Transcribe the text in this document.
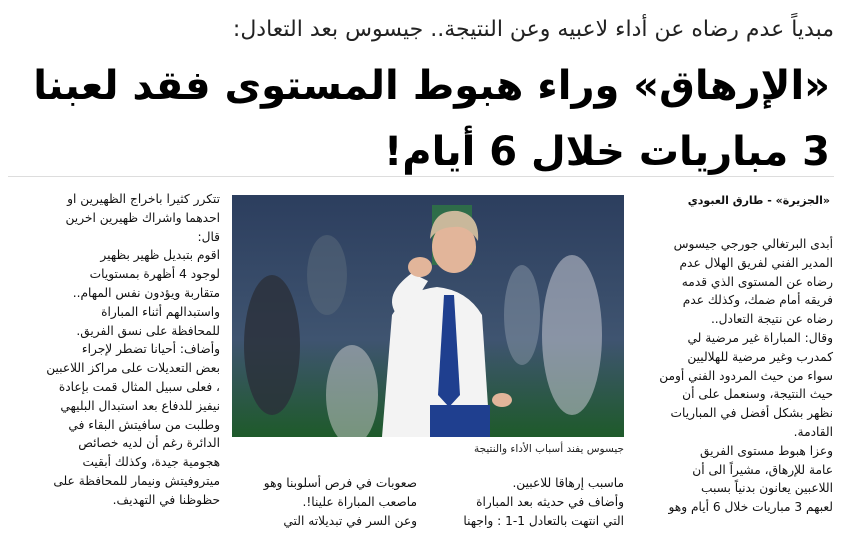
مبدياً عدم رضاه عن أداء لاعبيه وعن النتيجة.. جيسوس بعد التعادل:
«الإرهاق» وراء هبوط المستوى فقد لعبنا
3 مباريات خلال 6 أيام!
«الجزيرة» - طارق العبودي

أبدى البرتغالي جورجي جيسوس

المدير الفني لفريق الهلال عدم

رضاه عن المستوى الذي قدمه

فريقه أمام ضمك، وكذلك عدم

رضاه عن نتيجة التعادل..

وقال: المباراة غير مرضية لي

كمدرب وغير مرضية للهلاليين

سواء من حيث المردود الفني أومن

حيث النتيجة، وسنعمل على أن

نظهر بشكل أفضل في المباريات

القادمة.

وعزا هبوط مستوى الفريق

عامة للإرهاق، مشيراً الى أن

اللاعبين يعانون بدنياً بسبب

لعبهم 3 مباريات خلال 6 أيام وهو

جيسوس يفند أسباب الأداء والنتيجة

ماسبب إرهاقا للاعبين.

وأضاف في حديثه بعد المباراة

التي انتهت بالتعادل 1-1 : واجهنا

صعوبات في فرص أسلوبنا وهو

ماصعب المباراة علينا!.

وعن السر في تبديلاته التي

تتكرر كثيرا باخراج الظهيرين او

احدهما واشراك ظهيرين اخرين

قال:

اقوم بتبديل ظهير بظهير

لوجود 4 أظهرة بمستويات

متقاربة ويؤدون نفس المهام..

واستبدالهم أثناء المباراة

للمحافظة على نسق الفريق.

وأضاف: أحيانا تضطر لإجراء

بعض التعديلات على مراكز اللاعبين

، فعلى سبيل المثال قمت بإعادة

نيفيز للدفاع بعد استبدال البليهي

وطلبت من سافيتش البقاء في

الدائرة رغم أن لديه خصائص

هجومية جيدة، وكذلك أبقيت

ميتروفيتش ونيمار للمحافظة على

حظوظنا في التهديف.
